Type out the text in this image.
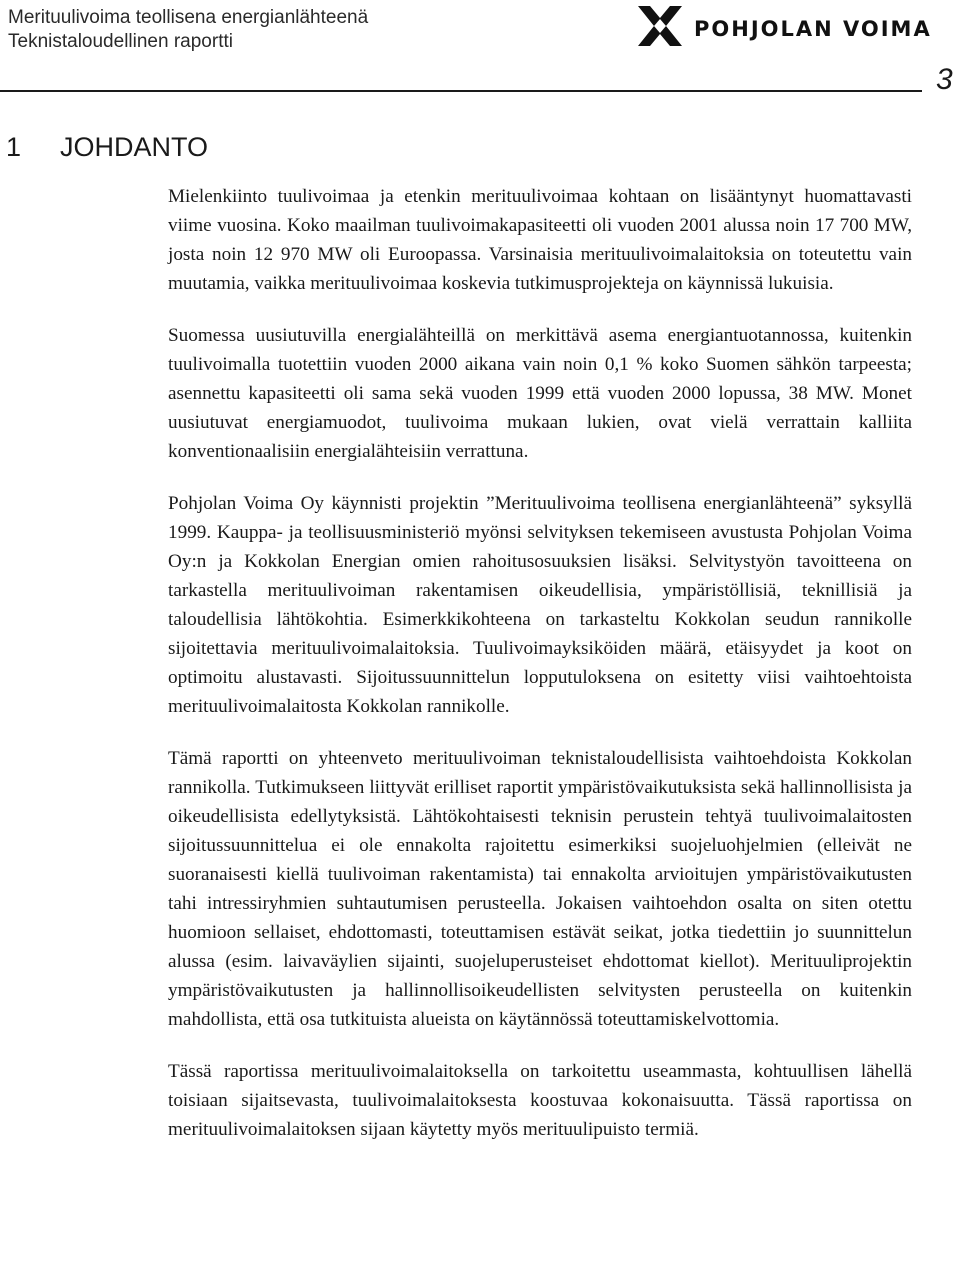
Merituulivoima teollisena energianlähteenä
Teknistaloudellinen raportti
POHJOLAN VOIMA
3
1	JOHDANTO

Mielenkiinto tuulivoimaa ja etenkin merituulivoimaa kohtaan on lisääntynyt huomattavasti viime vuosina. Koko maailman tuulivoimakapasiteetti oli vuoden 2001 alussa noin 17 700 MW, josta noin 12 970 MW oli Euroopassa. Varsinaisia merituulivoimalaitoksia on toteutettu vain muutamia, vaikka merituulivoimaa koskevia tutkimusprojekteja on käynnissä lukuisia.

Suomessa uusiutuvilla energialähteillä on merkittävä asema energiantuotannossa, kuitenkin tuulivoimalla tuotettiin vuoden 2000 aikana vain noin 0,1 % koko Suomen sähkön tarpeesta; asennettu kapasiteetti oli sama sekä vuoden 1999 että vuoden 2000 lopussa, 38 MW. Monet uusiutuvat energiamuodot, tuulivoima mukaan lukien, ovat vielä verrattain kalliita konventionaalisiin energialähteisiin verrattuna.

Pohjolan Voima Oy käynnisti projektin ”Merituulivoima teollisena energianlähteenä” syksyllä 1999. Kauppa- ja teollisuusministeriö myönsi selvityksen tekemiseen avustusta Pohjolan Voima Oy:n ja Kokkolan Energian omien rahoitusosuuksien lisäksi. Selvitystyön tavoitteena on tarkastella merituulivoiman rakentamisen oikeudellisia, ympäristöllisiä, teknillisiä ja taloudellisia lähtökohtia. Esimerkkikohteena on tarkasteltu Kokkolan seudun rannikolle sijoitettavia merituulivoimalaitoksia. Tuulivoimayksiköiden määrä, etäisyydet ja koot on optimoitu alustavasti. Sijoitussuunnittelun lopputuloksena on esitetty viisi vaihtoehtoista merituulivoimalaitosta Kokkolan rannikolle.

Tämä raportti on yhteenveto merituulivoiman teknistaloudellisista vaihtoehdoista Kokkolan rannikolla. Tutkimukseen liittyvät erilliset raportit ympäristövaikutuksista sekä hallinnollisista ja oikeudellisista edellytyksistä. Lähtökohtaisesti teknisin perustein tehtyä tuulivoimalaitosten sijoitussuunnittelua ei ole ennakolta rajoitettu esimerkiksi suojeluohjelmien (elleivät ne suoranaisesti kiellä tuulivoiman rakentamista) tai ennakolta arvioitujen ympäristövaikutusten tahi intressiryhmien suhtautumisen perusteella. Jokaisen vaihtoehdon osalta on siten otettu huomioon sellaiset, ehdottomasti, toteuttamisen estävät seikat, jotka tiedettiin jo suunnittelun alussa (esim. laivaväylien sijainti, suojeluperusteiset ehdottomat kiellot). Merituuliprojektin ympäristövaikutusten ja hallinnollisoikeudellisten selvitysten perusteella on kuitenkin mahdollista, että osa tutkituista alueista on käytännössä toteuttamiskelvottomia.

Tässä raportissa merituulivoimalaitoksella on tarkoitettu useammasta, kohtuullisen lähellä toisiaan sijaitsevasta, tuulivoimalaitoksesta koostuvaa kokonaisuutta. Tässä raportissa on merituulivoimalaitoksen sijaan käytetty myös merituulipuisto termiä.
